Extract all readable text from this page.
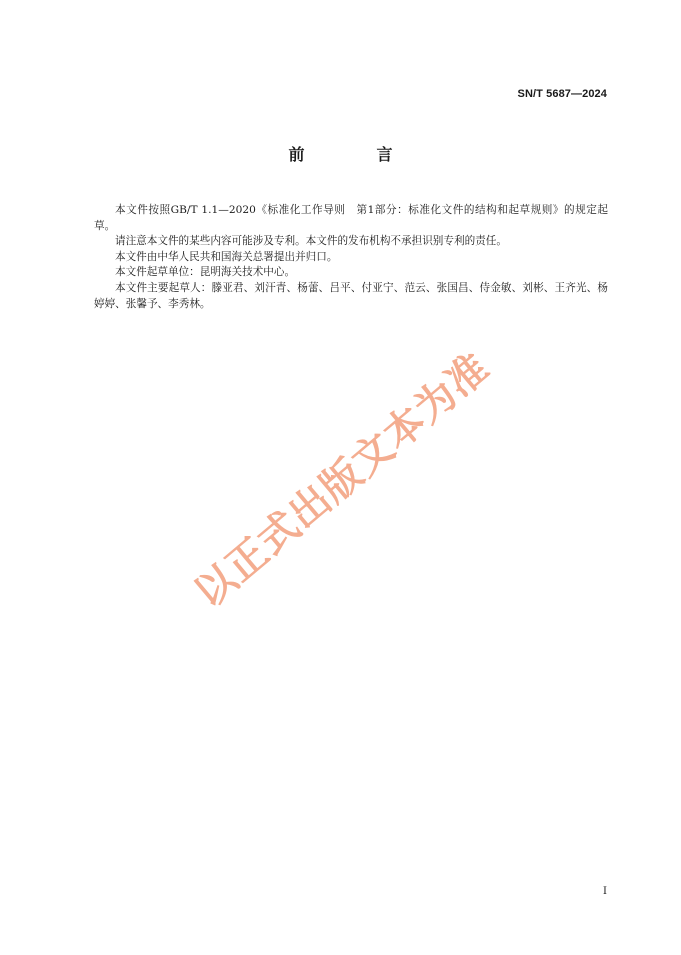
SN/T 5687—2024
前　言

本文件按照GB/T 1.1—2020《标准化工作导则　第1部分：标准化文件的结构和起草规则》的规定起草。

请注意本文件的某些内容可能涉及专利。本文件的发布机构不承担识别专利的责任。

本文件由中华人民共和国海关总署提出并归口。

本文件起草单位：昆明海关技术中心。

本文件主要起草人：滕亚君、刘汗青、杨蕾、吕平、付亚宁、范云、张国昌、侍金敏、刘彬、王齐光、杨婷婷、张馨予、李秀林。

以正式出版文本为准
I
